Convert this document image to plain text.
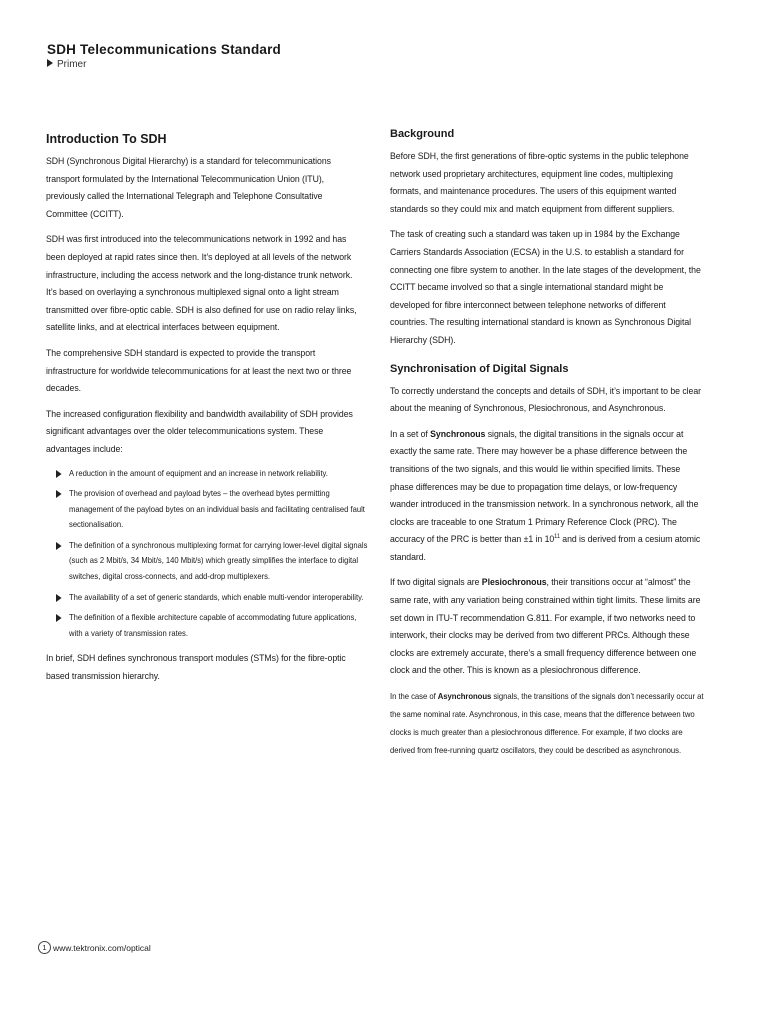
SDH Telecommunications Standard
Primer
Introduction To SDH

SDH (Synchronous Digital Hierarchy) is a standard for telecommunications transport formulated by the International Telecommunication Union (ITU), previously called the International Telegraph and Telephone Consultative Committee (CCITT).

SDH was first introduced into the telecommunications network in 1992 and has been deployed at rapid rates since then. It’s deployed at all levels of the network infrastructure, including the access network and the long-distance trunk network. It’s based on overlaying a synchronous multiplexed signal onto a light stream transmitted over fibre-optic cable. SDH is also defined for use on radio relay links, satellite links, and at electrical interfaces between equipment.

The comprehensive SDH standard is expected to provide the transport infrastructure for worldwide telecommunications for at least the next two or three decades.

The increased configuration flexibility and bandwidth availability of SDH provides significant advantages over the older telecommunications system. These advantages include:

A reduction in the amount of equipment and an increase in network reliability.
The provision of overhead and payload bytes – the overhead bytes permitting management of the payload bytes on an individual basis and facilitating centralised fault sectionalisation.
The definition of a synchronous multiplexing format for carrying lower-level digital signals (such as 2 Mbit/s, 34 Mbit/s, 140 Mbit/s) which greatly simplifies the interface to digital switches, digital cross-connects, and add-drop multiplexers.
The availability of a set of generic standards, which enable multi-vendor interoperability.
The definition of a flexible architecture capable of accommodating future applications, with a variety of transmission rates.

In brief, SDH defines synchronous transport modules (STMs) for the fibre-optic based transmission hierarchy.

Background

Before SDH, the first generations of fibre-optic systems in the public telephone network used proprietary architectures, equipment line codes, multiplexing formats, and maintenance procedures. The users of this equipment wanted standards so they could mix and match equipment from different suppliers.

The task of creating such a standard was taken up in 1984 by the Exchange Carriers Standards Association (ECSA) in the U.S. to establish a standard for connecting one fibre system to another. In the late stages of the development, the CCITT became involved so that a single international standard might be developed for fibre interconnect between telephone networks of different countries. The resulting international standard is known as Synchronous Digital Hierarchy (SDH).

Synchronisation of Digital Signals

To correctly understand the concepts and details of SDH, it’s important to be clear about the meaning of Synchronous, Plesiochronous, and Asynchronous.

In a set of Synchronous signals, the digital transitions in the signals occur at exactly the same rate. There may however be a phase difference between the transitions of the two signals, and this would lie within specified limits. These phase differences may be due to propagation time delays, or low-frequency wander introduced in the transmission network. In a synchronous network, all the clocks are traceable to one Stratum 1 Primary Reference Clock (PRC). The accuracy of the PRC is better than ±1 in $10^{11}$ and is derived from a cesium atomic standard.

If two digital signals are Plesiochronous, their transitions occur at “almost” the same rate, with any variation being constrained within tight limits. These limits are set down in ITU-T recommendation G.811. For example, if two networks need to interwork, their clocks may be derived from two different PRCs. Although these clocks are extremely accurate, there’s a small frequency difference between one clock and the other. This is known as a plesiochronous difference.

In the case of Asynchronous signals, the transitions of the signals don’t necessarily occur at the same nominal rate. Asynchronous, in this case, means that the difference between two clocks is much greater than a plesiochronous difference. For example, if two clocks are derived from free-running quartz oscillators, they could be described as asynchronous.

1 www.tektronix.com/optical
